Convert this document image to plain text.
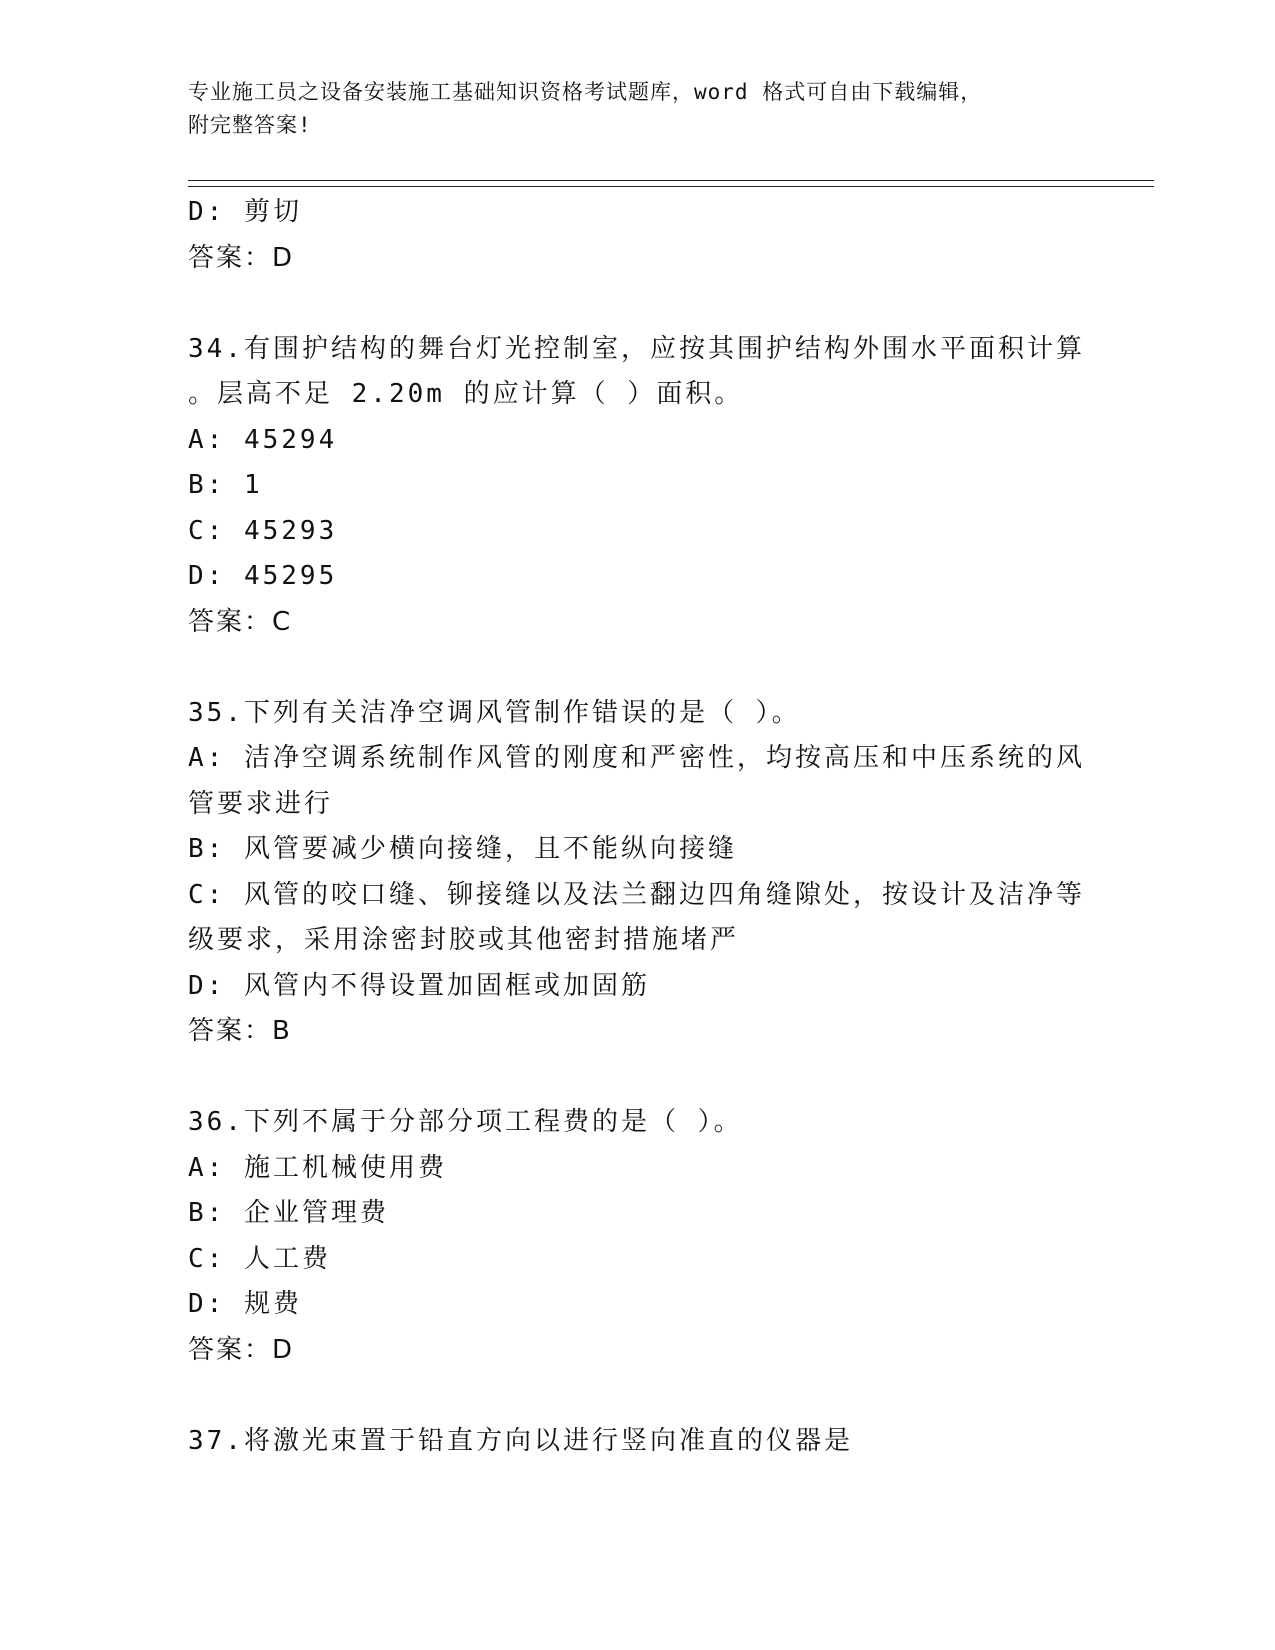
专业施工员之设备安装施工基础知识资格考试题库，word 格式可自由下载编辑，
附完整答案!
D: 剪切
答案：D
34.有围护结构的舞台灯光控制室，应按其围护结构外围水平面积计算
。层高不足 2.20m 的应计算（ ）面积。
A: 45294
B: 1
C: 45293
D: 45295
答案：C
35.下列有关洁净空调风管制作错误的是（ ）。
A: 洁净空调系统制作风管的刚度和严密性，均按高压和中压系统的风
管要求进行
B: 风管要减少横向接缝，且不能纵向接缝
C: 风管的咬口缝、铆接缝以及法兰翻边四角缝隙处，按设计及洁净等
级要求，采用涂密封胶或其他密封措施堵严
D: 风管内不得设置加固框或加固筋
答案：B
36.下列不属于分部分项工程费的是（ ）。
A: 施工机械使用费
B: 企业管理费
C: 人工费
D: 规费
答案：D
37.将激光束置于铅直方向以进行竖向准直的仪器是
